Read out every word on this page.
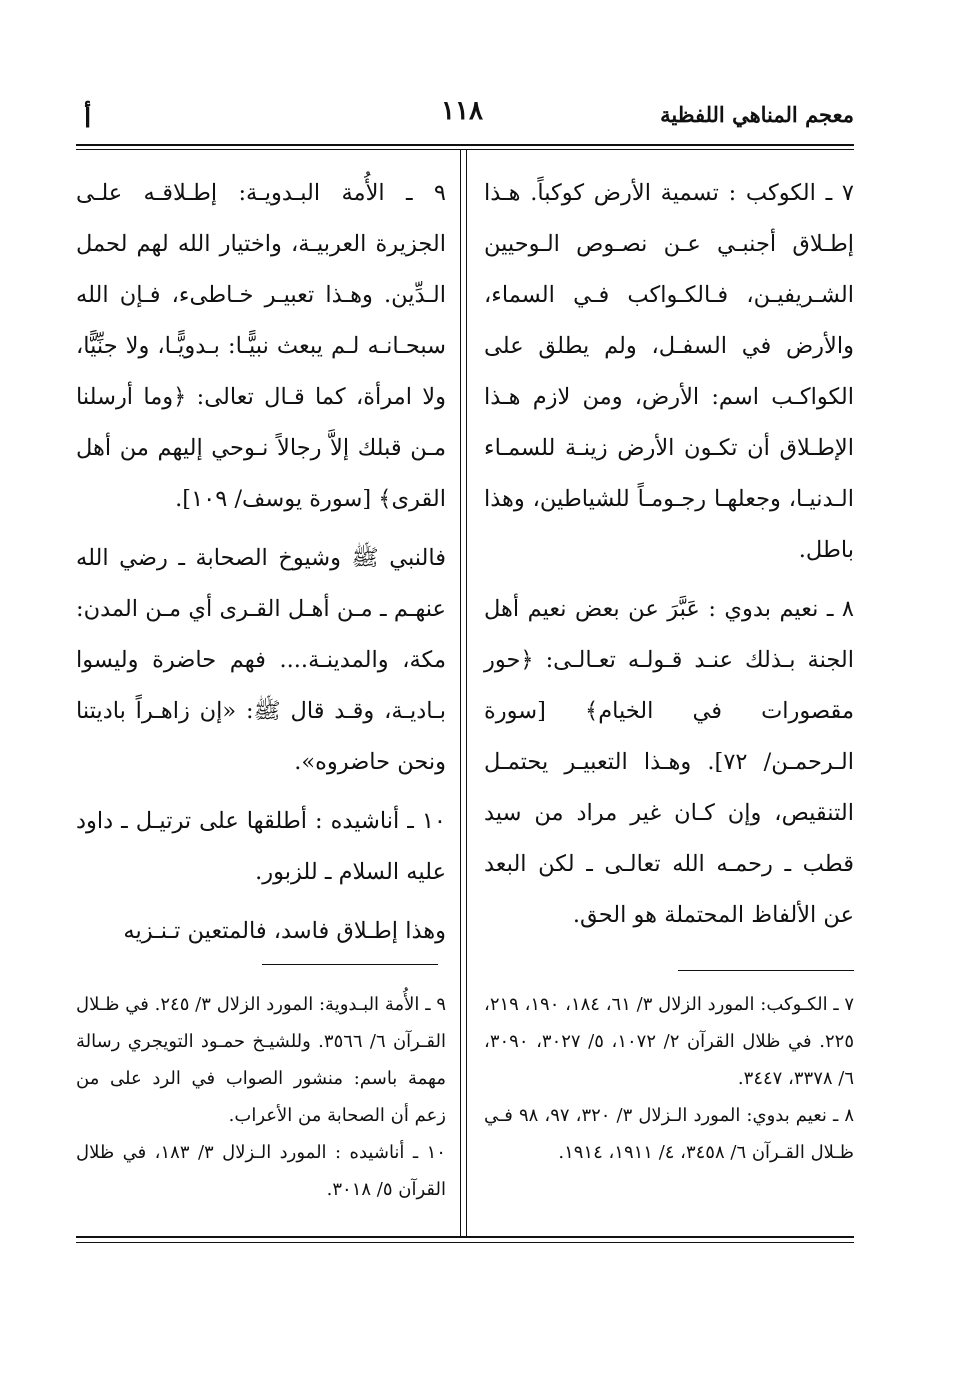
معجم المناهي اللفظية
١١٨
أ

٧ ـ الكوكب : تسمية الأرض كوكباً. هـذا إطـلاق أجنبـي عـن نصـوص الـوحيين الشـريفيـن، فـالكـواكب فـي السماء، والأرض في السفـل، ولم يطلق على الكواكـب اسم: الأرض، ومن لازم هـذا الإطـلاق أن تكـون الأرض زينـة للسمـاء الـدنيـا، وجعلهـا رجـومـاً للشياطين، وهذا باطل.

٨ ـ نعيم بدوي : عَبَّرَ عن بعض نعيم أهل الجنة بـذلك عنـد قـولـه تعـالـى: ﴿حور مقصورات في الخيام﴾ [سورة الـرحمـن/ ٧٢]. وهـذا التعبيـر يحتمـل التنقيص، وإن كـان غير مراد من سيد قطب ـ رحمـه الله تعالـى ـ لكن البعد عن الألفاظ المحتملة هو الحق.

٩ ـ الأُمة البـدويـة: إطـلاقـه علـى الجزيرة العربيـة، واختيار الله لهم لحمل الـدِّين. وهـذا تعبيـر خـاطىء، فـإن الله سبحـانـه لـم يبعث نبيًّـا: بـدويًّـا، ولا جنِّيًّا، ولا امرأة، كما قـال تعالى: ﴿وما أرسلنا مـن قبلك إلاَّ رجالاً نـوحي إليهم من أهل القرى﴾ [سورة يوسف/ ١٠٩].

فالنبي ﷺ وشيوخ الصحابة ـ رضي الله عنهـم ـ مـن أهـل القـرى أي مـن المدن: مكة، والمدينـة.... فهم حاضرة وليسوا بـاديـة، وقـد قال ﷺ: «إن زاهـراً باديتنا ونحن حاضروه».

١٠ ـ أناشيده : أطلقها على ترتيـل ـ داود عليه السلام ـ للزبور.

وهذا إطـلاق فاسد، فالمتعين تـنـزيه

٧ ـ الكـوكب: المورد الزلال ٣/ ٦١، ١٨٤، ١٩٠، ٢١٩، ٢٢٥. في ظلال القرآن ٢/ ١٠٧٢، ٥/ ٣٠٢٧، ٣٠٩٠، ٦/ ٣٣٧٨، ٣٤٤٧.

٨ ـ نعيم بدوي: المورد الـزلال ٣/ ٣٢٠، ٩٧، ٩٨ فـي ظـلال القـرآن ٦/ ٣٤٥٨، ٤/ ١٩١١، ١٩١٤.

٩ ـ الأُمة البـدوية: المورد الزلال ٣/ ٢٤٥. في ظـلال القـرآن ٦/ ٣٥٦٦. وللشيـخ حمـود التويجري رسالة مهمة باسم: منشور الصواب في الرد على من زعم أن الصحابة من الأعراب.

١٠ ـ أناشيده : المورد الـزلال ٣/ ١٨٣، في ظلال القرآن ٥/ ٣٠١٨.
